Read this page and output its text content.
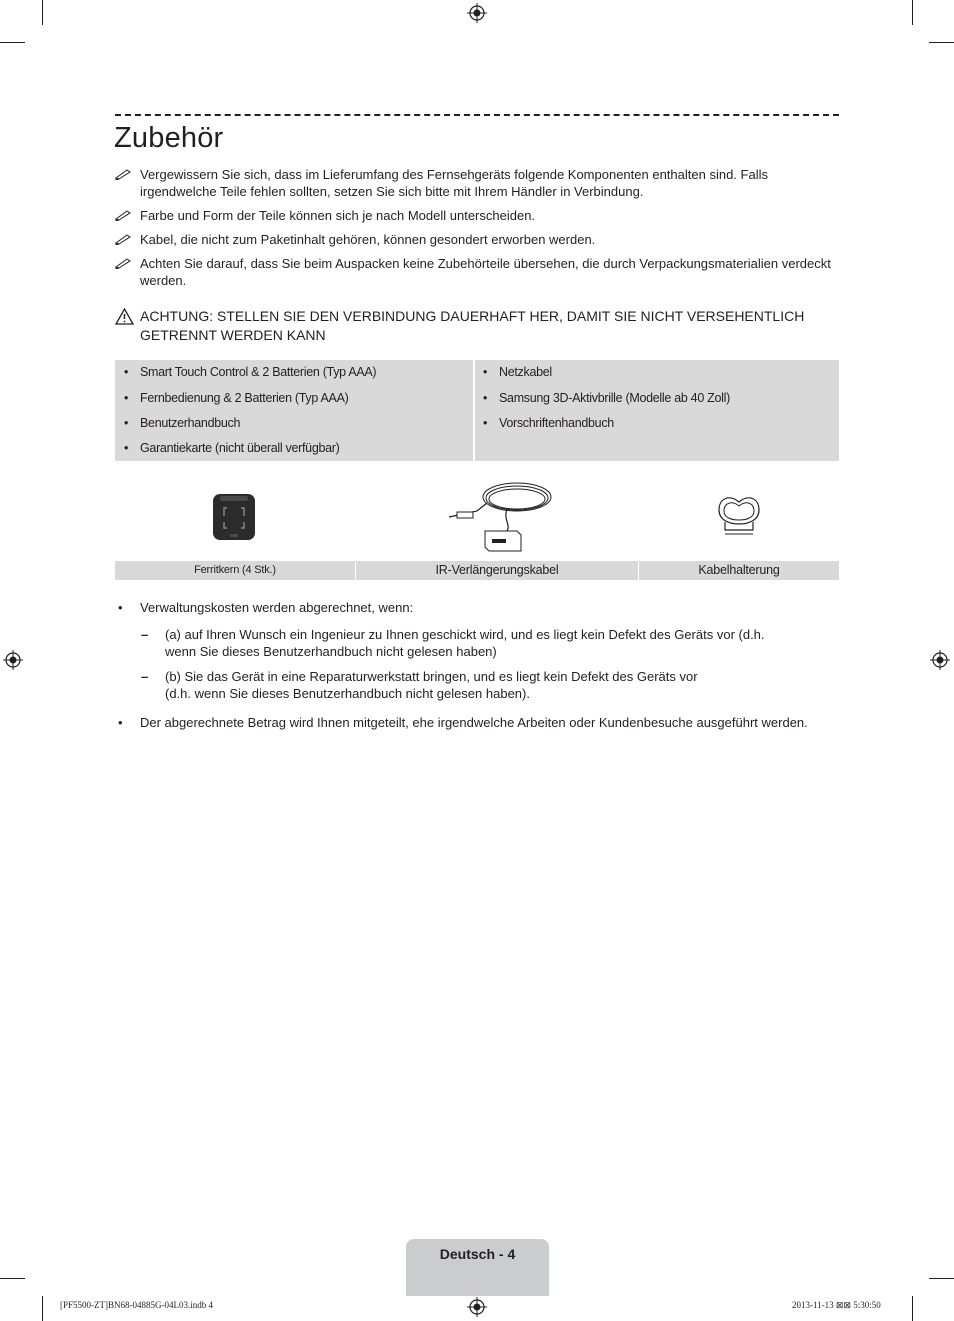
Zubehör
Vergewissern Sie sich, dass im Lieferumfang des Fernsehgeräts folgende Komponenten enthalten sind. Falls irgendwelche Teile fehlen sollten, setzen Sie sich bitte mit Ihrem Händler in Verbindung.
Farbe und Form der Teile können sich je nach Modell unterscheiden.
Kabel, die nicht zum Paketinhalt gehören, können gesondert erworben werden.
Achten Sie darauf, dass Sie beim Auspacken keine Zubehörteile übersehen, die durch Verpackungsmaterialien verdeckt werden.
ACHTUNG: STELLEN SIE DEN VERBINDUNG DAUERHAFT HER, DAMIT SIE NICHT VERSEHENTLICH GETRENNT WERDEN KANN
• Smart Touch Control & 2 Batterien (Typ AAA)
• Fernbedienung & 2 Batterien (Typ AAA)
• Benutzerhandbuch
• Garantiekarte (nicht überall verfügbar)
• Netzkabel
• Samsung 3D-Aktivbrille (Modelle ab 40 Zoll)
• Vorschriftenhandbuch
Ferritkern (4 Stk.)	IR-Verlängerungskabel	Kabelhalterung
• Verwaltungskosten werden abgerechnet, wenn:
– (a) auf Ihren Wunsch ein Ingenieur zu Ihnen geschickt wird, und es liegt kein Defekt des Geräts vor (d.h. wenn Sie dieses Benutzerhandbuch nicht gelesen haben)
– (b) Sie das Gerät in eine Reparaturwerkstatt bringen, und es liegt kein Defekt des Geräts vor (d.h. wenn Sie dieses Benutzerhandbuch nicht gelesen haben).
• Der abgerechnete Betrag wird Ihnen mitgeteilt, ehe irgendwelche Arbeiten oder Kundenbesuche ausgeführt werden.
Deutsch - 4
[PF5500-ZT]BN68-04885G-04L03.indb 4	2013-11-13 ⊠⊠ 5:30:50
